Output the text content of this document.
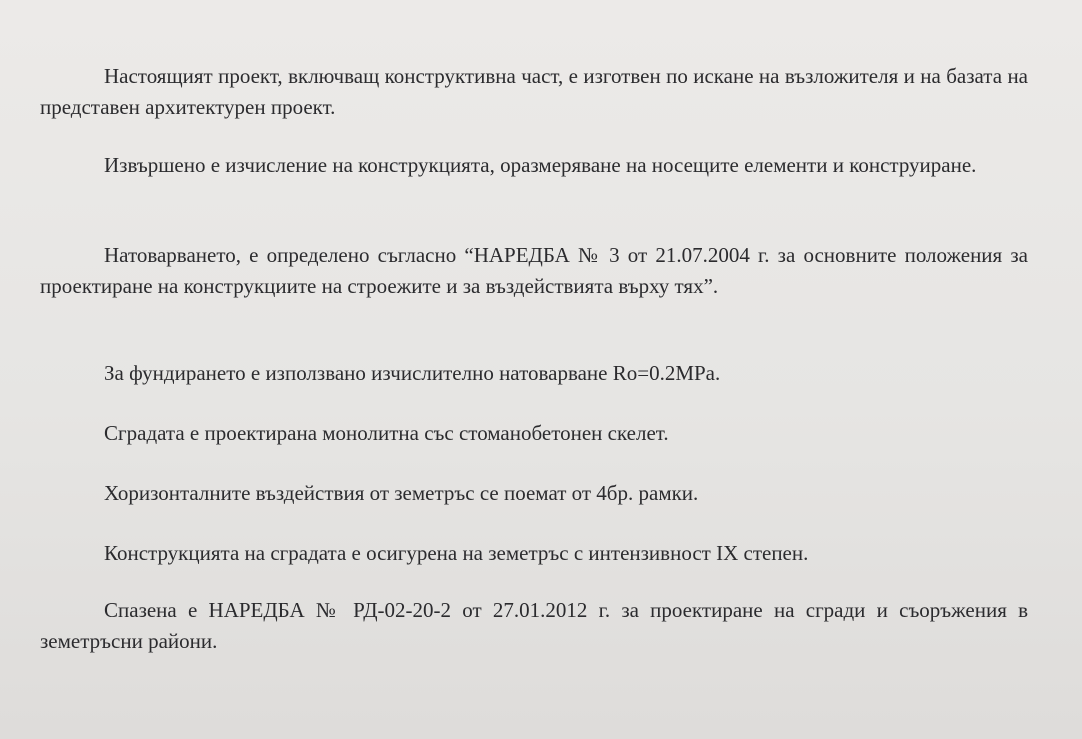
Настоящият проект, включващ конструктивна част, е изготвен по искане на възложителя и на базата на представен архитектурен проект.

Извършено е изчисление на конструкцията, оразмеряване на носещите елементи и конструиране.

Натоварването, е определено съгласно “НАРЕДБА № 3 от 21.07.2004 г. за основните положения за проектиране на конструкциите на строежите и за въздействията върху тях”.

За фундирането е използвано изчислително натоварване Ro=0.2MPa.

Сградата е проектирана монолитна със стоманобетонен скелет.

Хоризонталните въздействия от земетръс се поемат от 4бр. рамки.

Конструкцията на сградата е осигурена на земетръс с интензивност IX степен.

Спазена е НАРЕДБА № РД-02-20-2 от 27.01.2012 г. за проектиране на сгради и съоръжения в земетръсни райони.
